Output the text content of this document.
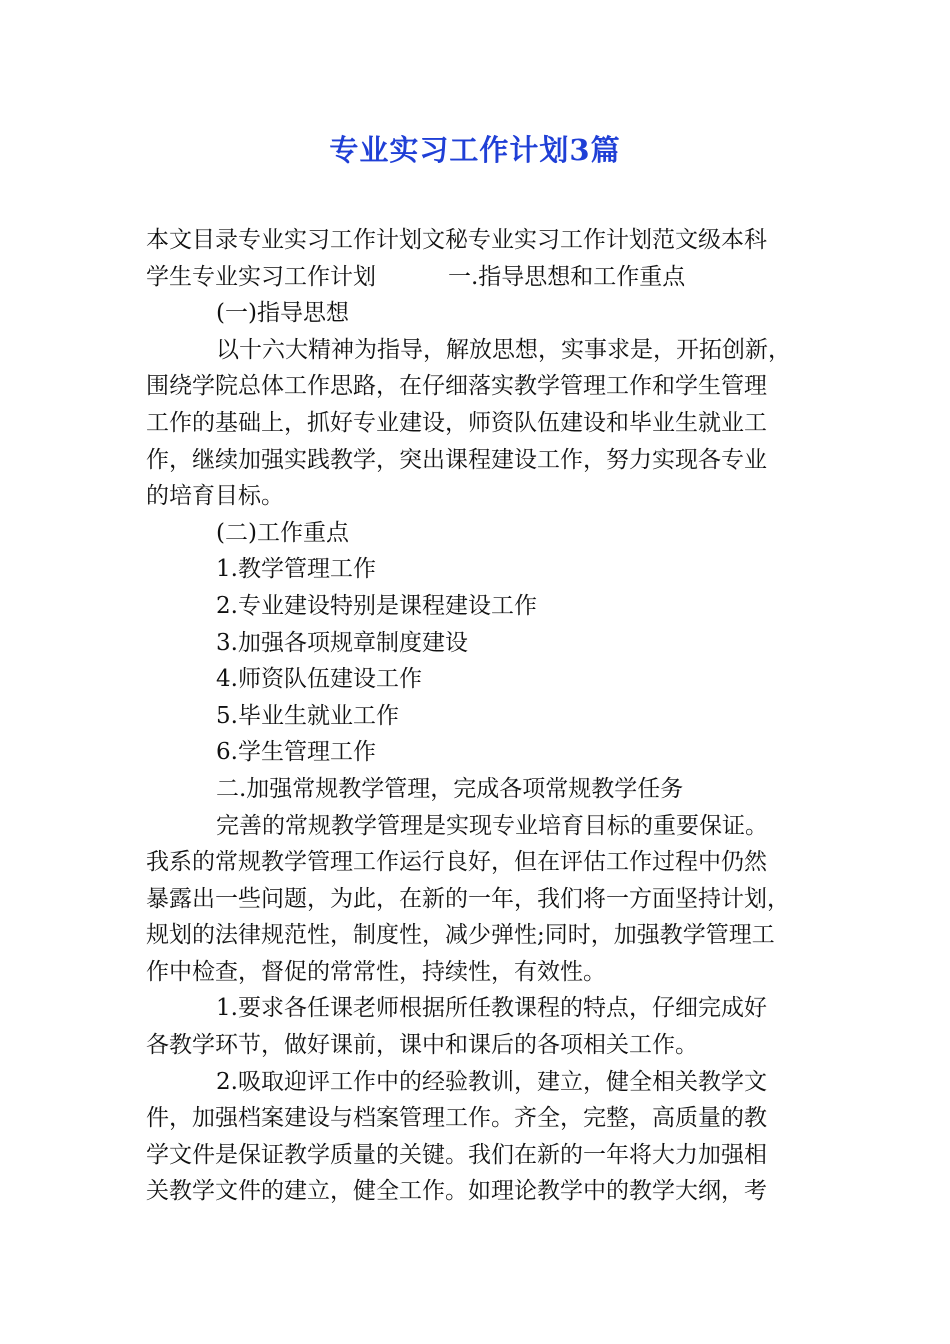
专业实习工作计划3篇
本文目录专业实习工作计划文秘专业实习工作计划范文级本科
学生专业实习工作计划	一.指导思想和工作重点
(一)指导思想
以十六大精神为指导，解放思想，实事求是，开拓创新，
围绕学院总体工作思路，在仔细落实教学管理工作和学生管理
工作的基础上，抓好专业建设，师资队伍建设和毕业生就业工
作，继续加强实践教学，突出课程建设工作，努力实现各专业
的培育目标。
(二)工作重点
1.教学管理工作
2.专业建设特别是课程建设工作
3.加强各项规章制度建设
4.师资队伍建设工作
5.毕业生就业工作
6.学生管理工作
二.加强常规教学管理，完成各项常规教学任务
完善的常规教学管理是实现专业培育目标的重要保证。
我系的常规教学管理工作运行良好，但在评估工作过程中仍然
暴露出一些问题，为此，在新的一年，我们将一方面坚持计划，
规划的法律规范性，制度性，减少弹性;同时，加强教学管理工
作中检查，督促的常常性，持续性，有效性。
1.要求各任课老师根据所任教课程的特点，仔细完成好
各教学环节，做好课前，课中和课后的各项相关工作。
2.吸取迎评工作中的经验教训，建立，健全相关教学文
件，加强档案建设与档案管理工作。齐全，完整，高质量的教
学文件是保证教学质量的关键。我们在新的一年将大力加强相
关教学文件的建立，健全工作。如理论教学中的教学大纲，考
